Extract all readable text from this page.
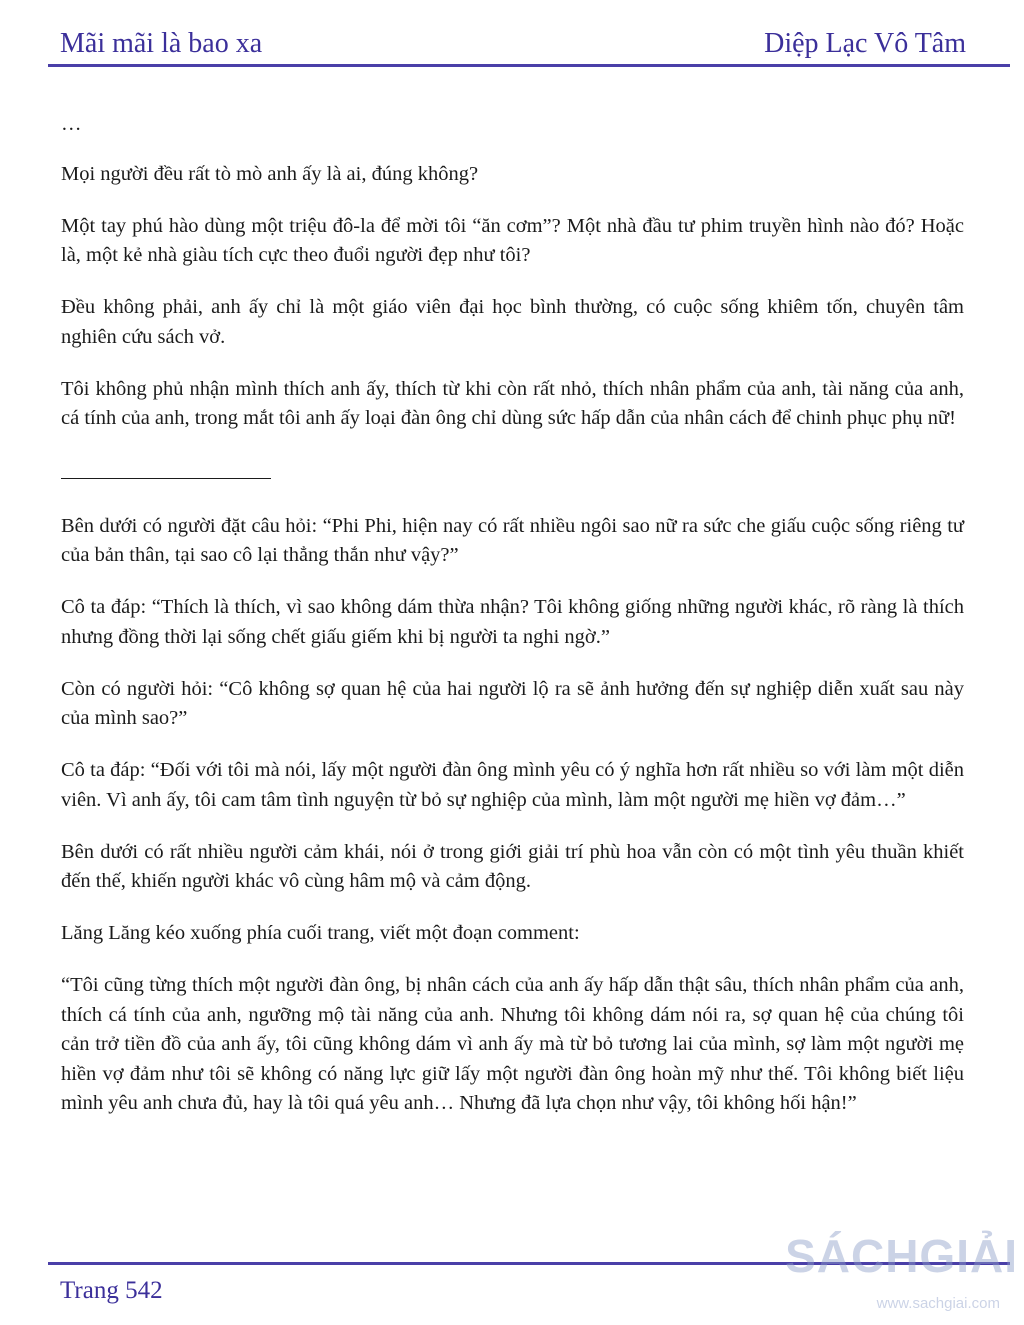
Mãi mãi là bao xa	Diệp Lạc Vô Tâm

…

Mọi người đều rất tò mò anh ấy là ai, đúng không?

Một tay phú hào dùng một triệu đô-la để mời tôi “ăn cơm”? Một nhà đầu tư phim truyền hình nào đó? Hoặc là, một kẻ nhà giàu tích cực theo đuổi người đẹp như tôi?

Đều không phải, anh ấy chỉ là một giáo viên đại học bình thường, có cuộc sống khiêm tốn, chuyên tâm nghiên cứu sách vở.

Tôi không phủ nhận mình thích anh ấy, thích từ khi còn rất nhỏ, thích nhân phẩm của anh, tài năng của anh, cá tính của anh, trong mắt tôi anh ấy loại đàn ông chỉ dùng sức hấp dẫn của nhân cách để chinh phục phụ nữ!

Bên dưới có người đặt câu hỏi: “Phi Phi, hiện nay có rất nhiều ngôi sao nữ ra sức che giấu cuộc sống riêng tư của bản thân, tại sao cô lại thẳng thắn như vậy?”

Cô ta đáp: “Thích là thích, vì sao không dám thừa nhận? Tôi không giống những người khác, rõ ràng là thích nhưng đồng thời lại sống chết giấu giếm khi bị người ta nghi ngờ.”

Còn có người hỏi: “Cô không sợ quan hệ của hai người lộ ra sẽ ảnh hưởng đến sự nghiệp diễn xuất sau này của mình sao?”

Cô ta đáp: “Đối với tôi mà nói, lấy một người đàn ông mình yêu có ý nghĩa hơn rất nhiều so với làm một diễn viên. Vì anh ấy, tôi cam tâm tình nguyện từ bỏ sự nghiệp của mình, làm một người mẹ hiền vợ đảm…”

Bên dưới có rất nhiều người cảm khái, nói ở trong giới giải trí phù hoa vẫn còn có một tình yêu thuần khiết đến thế, khiến người khác vô cùng hâm mộ và cảm động.

Lăng Lăng kéo xuống phía cuối trang, viết một đoạn comment:

“Tôi cũng từng thích một người đàn ông, bị nhân cách của anh ấy hấp dẫn thật sâu, thích nhân phẩm của anh, thích cá tính của anh, ngưỡng mộ tài năng của anh. Nhưng tôi không dám nói ra, sợ quan hệ của chúng tôi cản trở tiền đồ của anh ấy, tôi cũng không dám vì anh ấy mà từ bỏ tương lai của mình, sợ làm một người mẹ hiền vợ đảm như tôi sẽ không có năng lực giữ lấy một người đàn ông hoàn mỹ như thế. Tôi không biết liệu mình yêu anh chưa đủ, hay là tôi quá yêu anh… Nhưng đã lựa chọn như vậy, tôi không hối hận!”

Trang 542
SÁCHGIẢI
www.sachgiai.com
